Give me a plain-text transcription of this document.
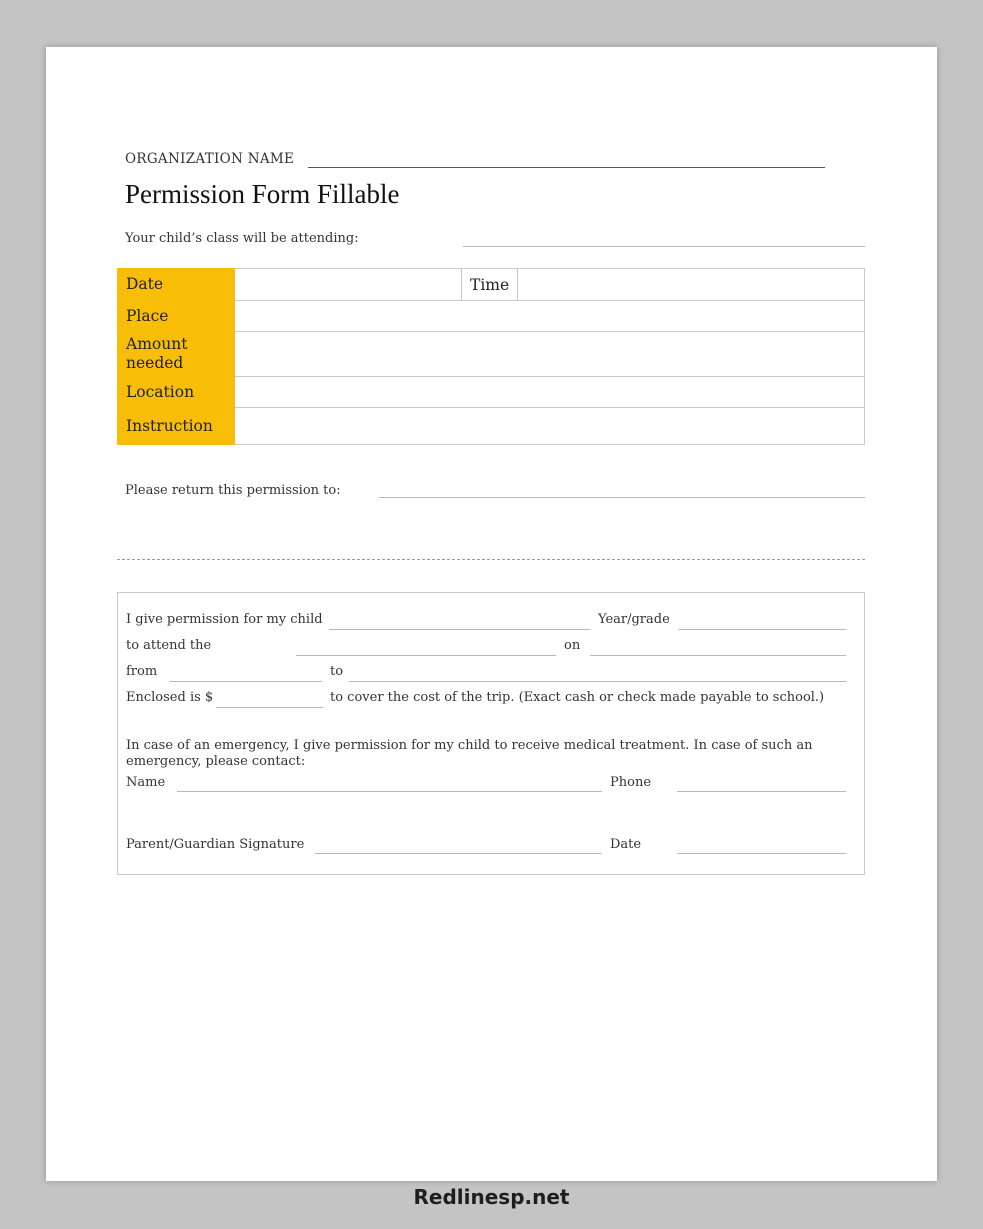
ORGANIZATION NAME
Permission Form Fillable
Your child’s class will be attending:
Date		Time	
Place			

Amount
needed			

Location			
Instruction			
Please return this permission to:
I give permission for my child	Year/grade
to attend the	on
from	to
Enclosed is $	to cover the cost of the trip. (Exact cash or check made payable to school.)
In case of an emergency, I give permission for my child to receive medical treatment. In case of such an emergency, please contact:
Name	Phone
Parent/Guardian Signature	Date
Redlinesp.net
